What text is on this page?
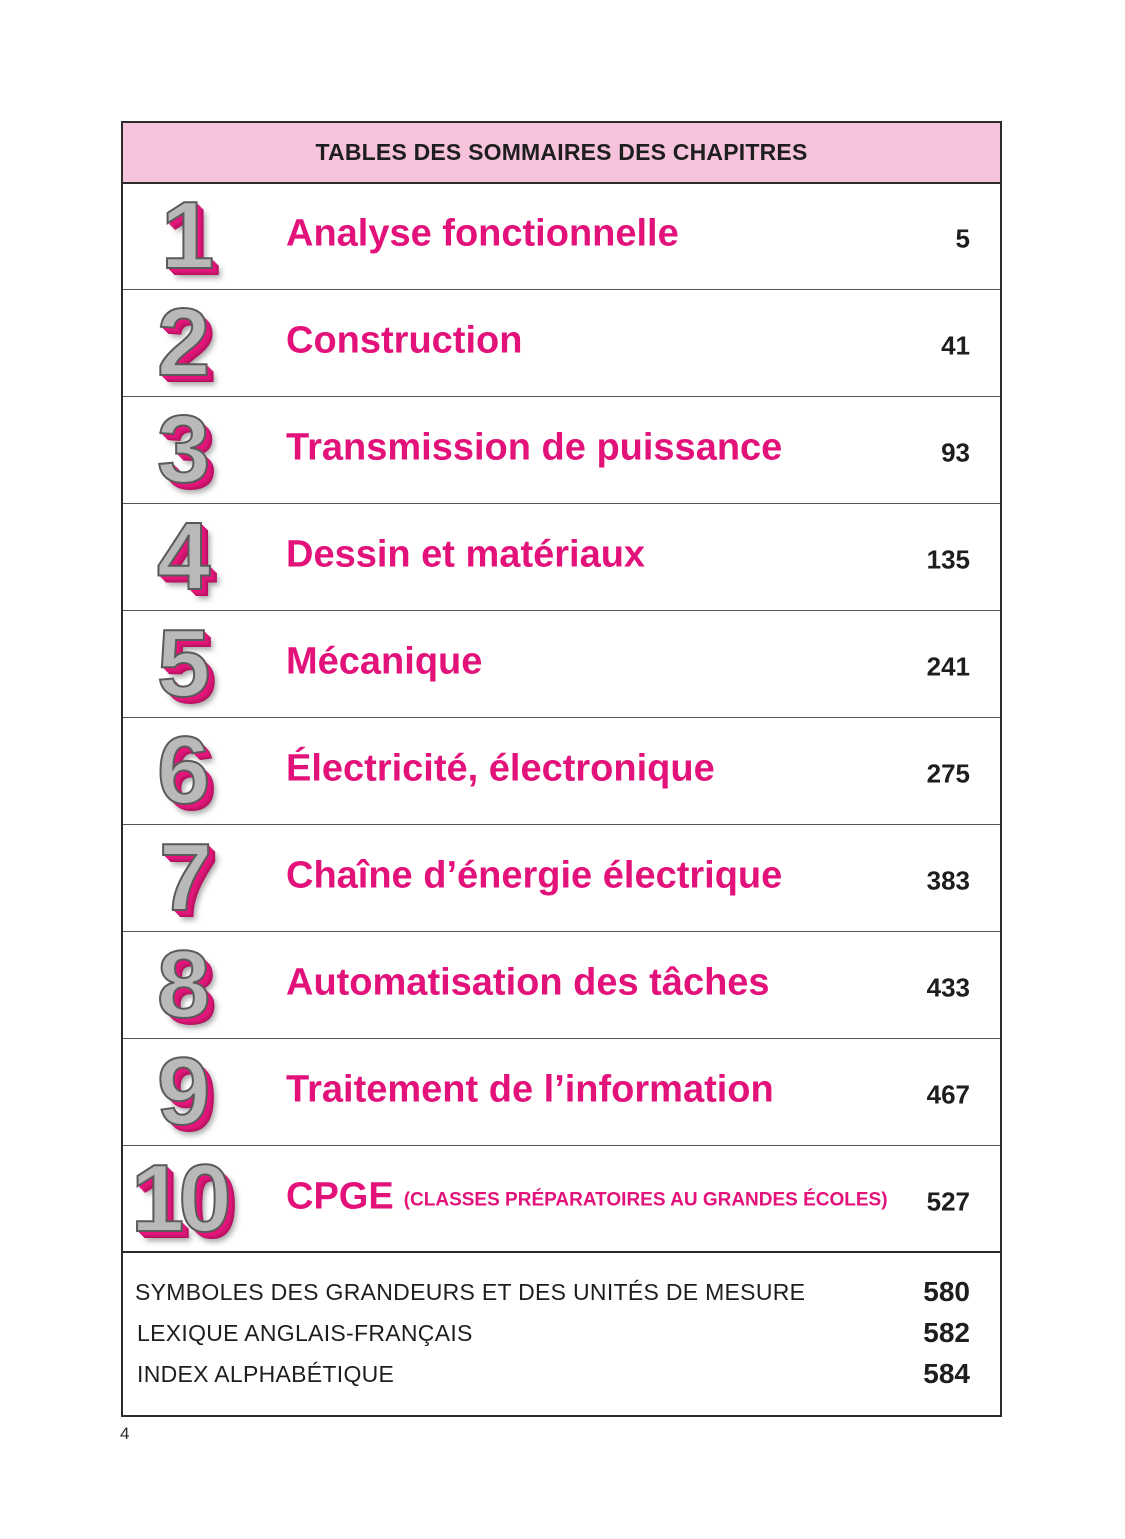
TABLES DES SOMMAIRES DES CHAPITRES
1 Analyse fonctionnelle	5
2 Construction	41
3 Transmission de puissance	93
4 Dessin et matériaux	135
5 Mécanique	241
6 Électricité, électronique	275
7 Chaîne d’énergie électrique	383
8 Automatisation des tâches	433
9 Traitement de l’information	467
10 CPGE (CLASSES PRÉPARATOIRES AU GRANDES ÉCOLES) 527
SYMBOLES DES GRANDEURS ET DES UNITÉS DE MESURE	580
LEXIQUE ANGLAIS-FRANÇAIS	582
INDEX ALPHABÉTIQUE	584
4
